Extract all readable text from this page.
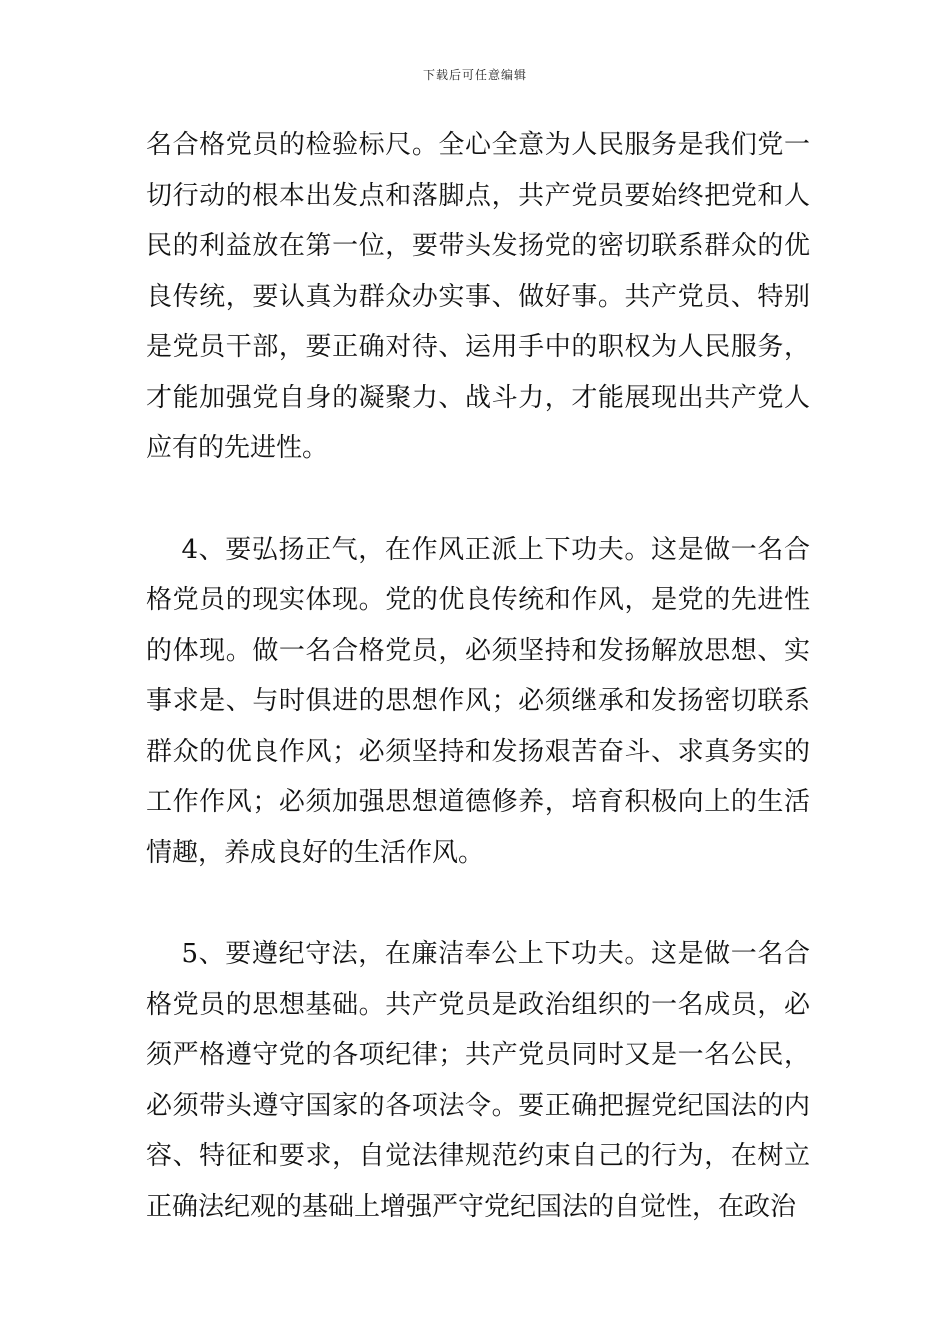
下载后可任意编辑

名合格党员的检验标尺。全心全意为人民服务是我们党一切行动的根本出发点和落脚点，共产党员要始终把党和人民的利益放在第一位，要带头发扬党的密切联系群众的优良传统，要认真为群众办实事、做好事。共产党员、特别是党员干部，要正确对待、运用手中的职权为人民服务，才能加强党自身的凝聚力、战斗力，才能展现出共产党人应有的先进性。

4、要弘扬正气，在作风正派上下功夫。这是做一名合格党员的现实体现。党的优良传统和作风，是党的先进性的体现。做一名合格党员，必须坚持和发扬解放思想、实事求是、与时俱进的思想作风；必须继承和发扬密切联系群众的优良作风；必须坚持和发扬艰苦奋斗、求真务实的工作作风；必须加强思想道德修养，培育积极向上的生活情趣，养成良好的生活作风。

5、要遵纪守法，在廉洁奉公上下功夫。这是做一名合格党员的思想基础。共产党员是政治组织的一名成员，必须严格遵守党的各项纪律；共产党员同时又是一名公民，必须带头遵守国家的各项法令。要正确把握党纪国法的内容、特征和要求，自觉法律规范约束自己的行为，在树立正确法纪观的基础上增强严守党纪国法的自觉性，在政治
